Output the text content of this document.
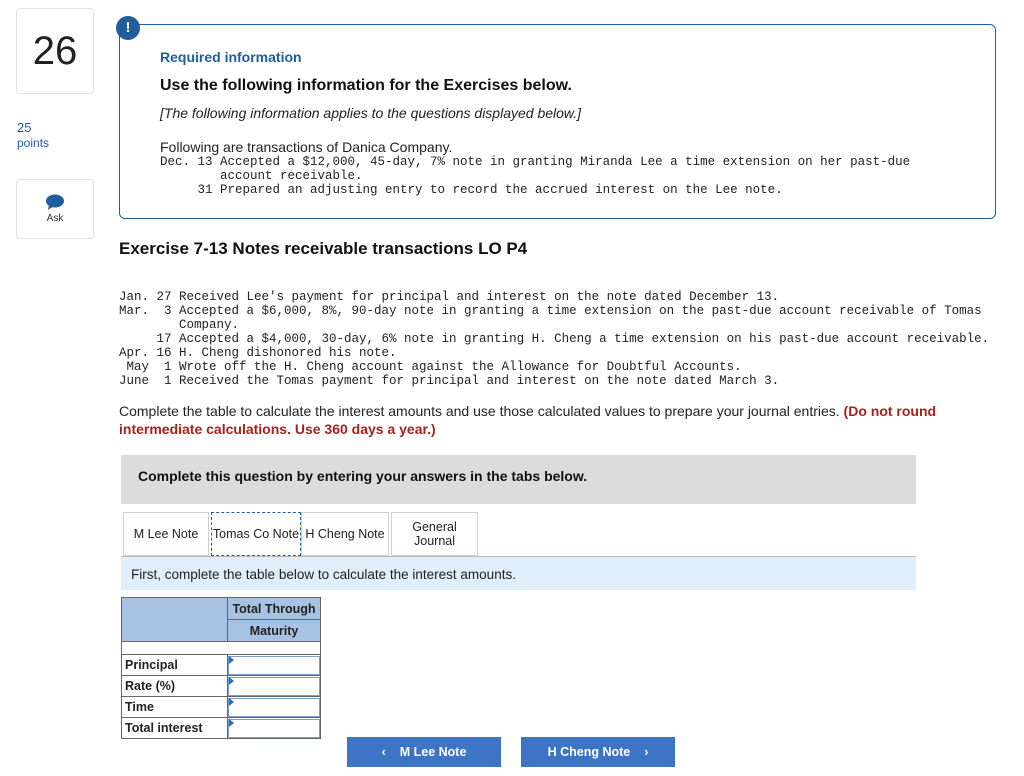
26
25
points
Ask
Required information
Use the following information for the Exercises below.
[The following information applies to the questions displayed below.]
Following are transactions of Danica Company.
Dec. 13 Accepted a $12,000, 45-day, 7% note in granting Miranda Lee a time extension on her past-due
account receivable.
31 Prepared an adjusting entry to record the accrued interest on the Lee note.
!
Exercise 7-13 Notes receivable transactions LO P4
Jan. 27 Received Lee's payment for principal and interest on the note dated December 13.
Mar.  3 Accepted a $6,000, 8%, 90-day note in granting a time extension on the past-due account receivable of Tomas
Company.
17 Accepted a $4,000, 30-day, 6% note in granting H. Cheng a time extension on his past-due account receivable.
Apr. 16 H. Cheng dishonored his note.
May  1 Wrote off the H. Cheng account against the Allowance for Doubtful Accounts.
June  1 Received the Tomas payment for principal and interest on the note dated March 3.
Complete the table to calculate the interest amounts and use those calculated values to prepare your journal entries. (Do not round intermediate calculations. Use 360 days a year.)
Complete this question by entering your answers in the tabs below.
M Lee Note	Tomas Co Note H Cheng Note	General Journal
First, complete the table below to calculate the interest amounts.
	Total Through
	Maturity

Principal	

Rate (%)	

Time	

Total interest	
‹ M Lee Note	H Cheng Note ›
